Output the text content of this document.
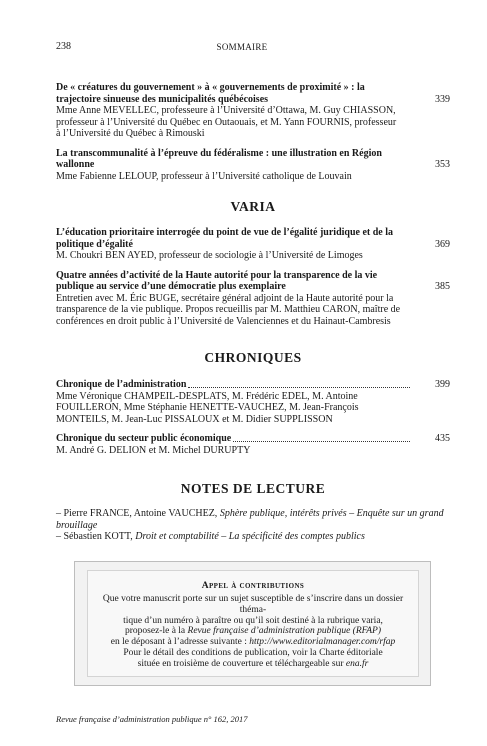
238	SOMMAIRE
De « créatures du gouvernement » à « gouvernements de proximité » : la trajectoire sinueuse des municipalités québécoises	339
Mme Anne MEVELLEC, professeure à l’Université d’Ottawa, M. Guy CHIASSON, professeur à l’Université du Québec en Outaouais, et M. Yann FOURNIS, professeur à l’Université du Québec à Rimouski
La transcommunalité à l’épreuve du fédéralisme : une illustration en Région wallonne	353
Mme Fabienne LELOUP, professeur à l’Université catholique de Louvain
VARIA
L’éducation prioritaire interrogée du point de vue de l’égalité juridique et de la politique d’égalité	369
M. Choukri BEN AYED, professeur de sociologie à l’Université de Limoges
Quatre années d’activité de la Haute autorité pour la transparence de la vie publique au service d’une démocratie plus exemplaire	385
Entretien avec M. Éric BUGE, secrétaire général adjoint de la Haute autorité pour la transparence de la vie publique. Propos recueillis par M. Matthieu CARON, maître de conférences en droit public à l’Université de Valenciennes et du Hainaut-Cambresis
CHRONIQUES
Chronique de l’administration	399
Mme Véronique CHAMPEIL-DESPLATS, M. Frédéric EDEL, M. Antoine FOUILLERON, Mme Stéphanie HENETTE-VAUCHEZ, M. Jean-François MONTEILS, M. Jean-Luc PISSALOUX et M. Didier SUPPLISSON
Chronique du secteur public économique	435
M. André G. DELION et M. Michel DURUPTY
NOTES DE LECTURE
– Pierre FRANCE, Antoine VAUCHEZ, Sphère publique, intérêts privés – Enquête sur un grand brouillage
– Sébastien KOTT, Droit et comptabilité – La spécificité des comptes publics
Appel à contributions
Que votre manuscrit porte sur un sujet susceptible de s’inscrire dans un dossier théma-
tique d’un numéro à paraître ou qu’il soit destiné à la rubrique varia,
proposez-le à la Revue française d’administration publique (RFAP)
en le déposant à l’adresse suivante : http://www.editorialmanager.com/rfap
Pour le détail des conditions de publication, voir la Charte éditoriale
située en troisième de couverture et téléchargeable sur ena.fr
Revue française d’administration publique n° 162, 2017
